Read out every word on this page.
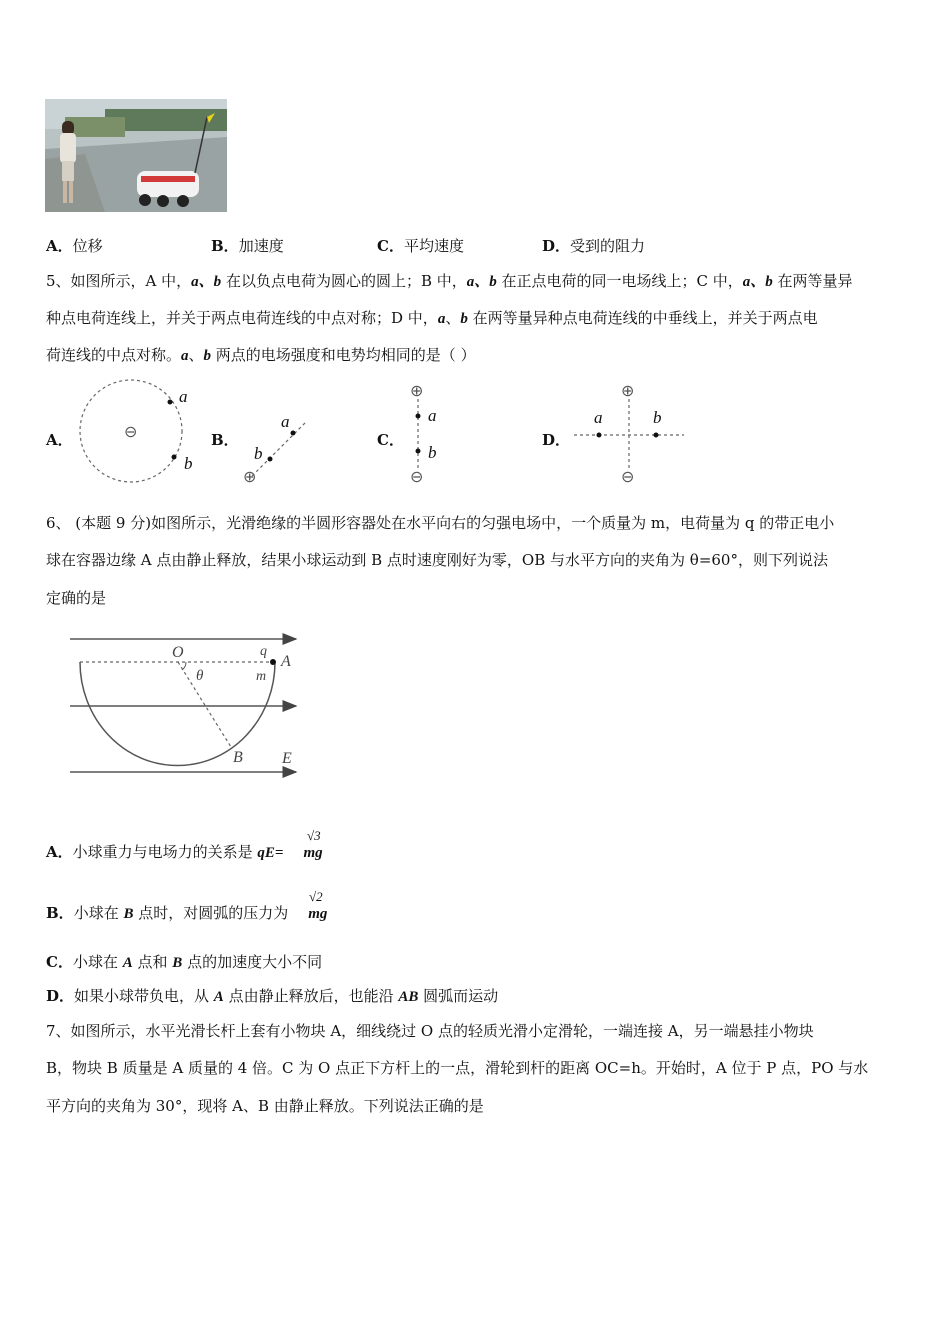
A．位移	B．加速度	C．平均速度	D．受到的阻力
5、如图所示，A 中，a、b 在以负点电荷为圆心的圆上；B 中，a、b 在正点电荷的同一电场线上；C 中，a、b 在两等量异
种点电荷连线上，并关于两点电荷连线的中点对称；D 中，a、b 在两等量异种点电荷连线的中垂线上，并关于两点电
荷连线的中点对称。a、b 两点的电场强度和电势均相同的是（ ）
A．	B．	C．	D．
⊖
a
b
⊕
a
b
⊕
a
b
⊖
⊕
a	b
⊖
6、 (本题 9 分)如图所示，光滑绝缘的半圆形容器处在水平向右的匀强电场中，一个质量为 m，电荷量为 q 的带正电小
球在容器边缘 A 点由静止释放，结果小球运动到 B 点时速度刚好为零，OB 与水平方向的夹角为 θ=60°，则下列说法
定确的是
O
θ
q
m
A
B E
A．小球重力与电场力的关系是 qE= mg
√3
B．小球在 B 点时，对圆弧的压力为 mg
√2
C．小球在 A 点和 B 点的加速度大小不同
D．如果小球带负电，从 A 点由静止释放后，也能沿 AB 圆弧而运动
7、如图所示，水平光滑长杆上套有小物块 A，细线绕过 O 点的轻质光滑小定滑轮，一端连接 A，另一端悬挂小物块
B，物块 B 质量是 A 质量的 4 倍。C 为 O 点正下方杆上的一点，滑轮到杆的距离 OC=h。开始时，A 位于 P 点，PO 与水
平方向的夹角为 30°，现将 A、B 由静止释放。下列说法正确的是
